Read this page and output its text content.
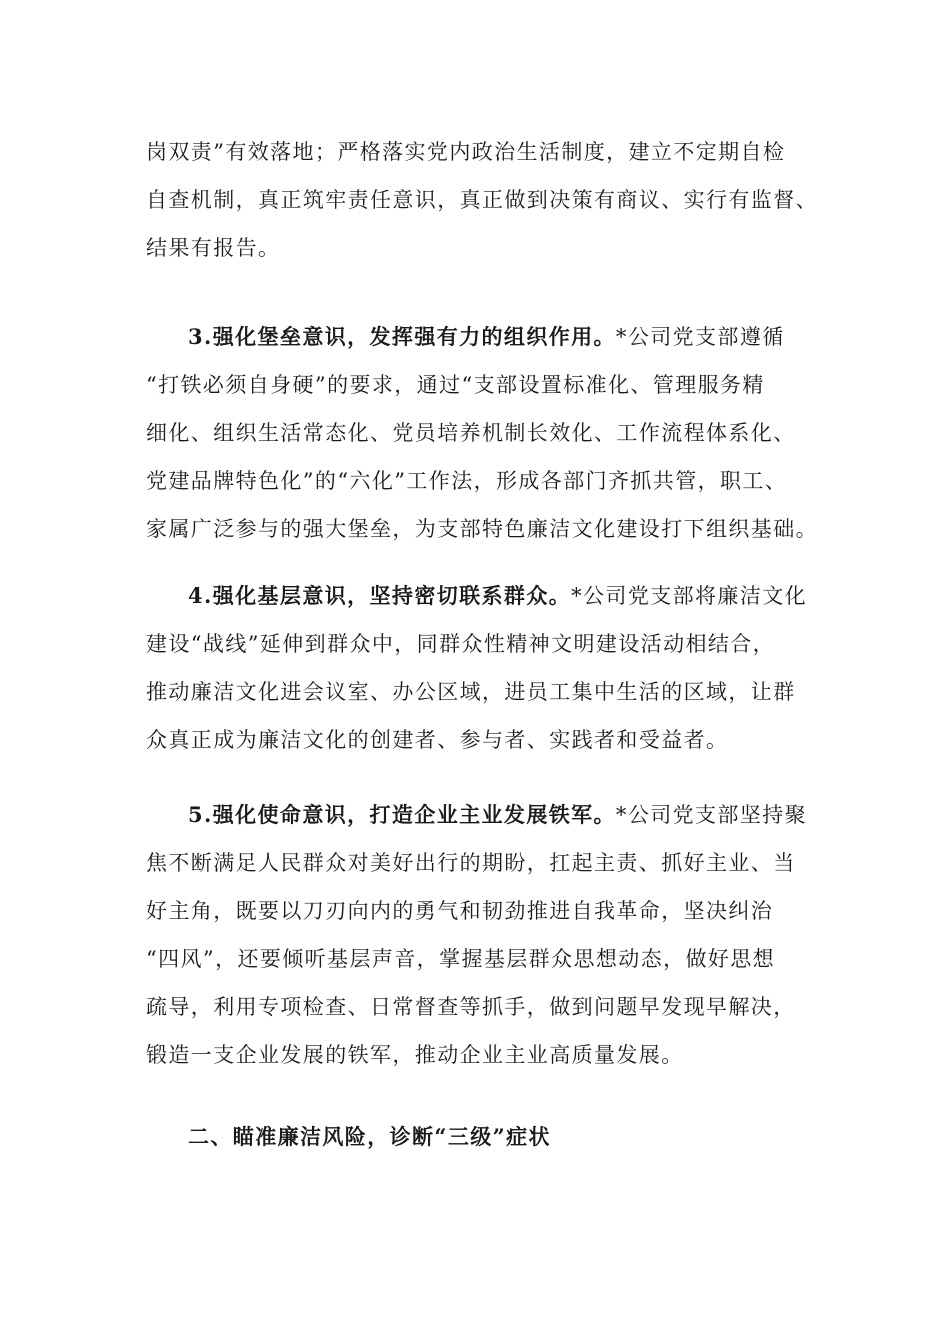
岗双责”有效落地；严格落实党内政治生活制度，建立不定期自检
自查机制，真正筑牢责任意识，真正做到决策有商议、实行有监督、
结果有报告。
3.强化堡垒意识，发挥强有力的组织作用。*公司党支部遵循
“打铁必须自身硬”的要求，通过“支部设置标准化、管理服务精
细化、组织生活常态化、党员培养机制长效化、工作流程体系化、
党建品牌特色化”的“六化”工作法，形成各部门齐抓共管，职工、
家属广泛参与的强大堡垒，为支部特色廉洁文化建设打下组织基础。
4.强化基层意识，坚持密切联系群众。*公司党支部将廉洁文化
建设“战线”延伸到群众中，同群众性精神文明建设活动相结合，
推动廉洁文化进会议室、办公区域，进员工集中生活的区域，让群
众真正成为廉洁文化的创建者、参与者、实践者和受益者。
5.强化使命意识，打造企业主业发展铁军。*公司党支部坚持聚
焦不断满足人民群众对美好出行的期盼，扛起主责、抓好主业、当
好主角，既要以刀刃向内的勇气和韧劲推进自我革命，坚决纠治
“四风”，还要倾听基层声音，掌握基层群众思想动态，做好思想
疏导，利用专项检查、日常督查等抓手，做到问题早发现早解决，
锻造一支企业发展的铁军，推动企业主业高质量发展。
二、瞄准廉洁风险，诊断“三级”症状
